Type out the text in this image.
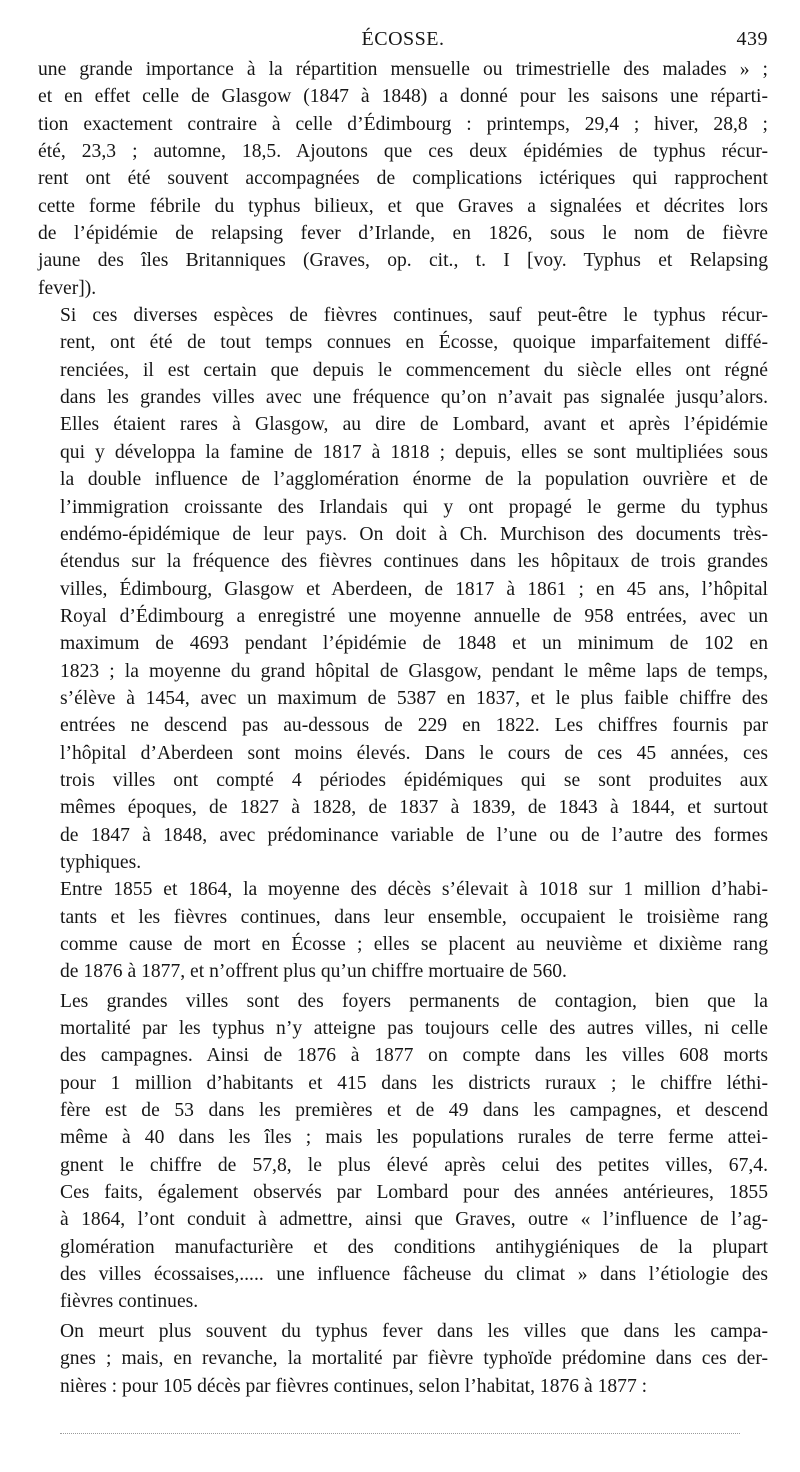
ÉCOSSE.	439
une grande importance à la répartition mensuelle ou trimestrielle des malades » ;
et en effet celle de Glasgow (1847 à 1848) a donné pour les saisons une réparti-
tion exactement contraire à celle d’Édimbourg : printemps, 29,4 ; hiver, 28,8 ;
été, 23,3 ; automne, 18,5. Ajoutons que ces deux épidémies de typhus récur-
rent ont été souvent accompagnées de complications ictériques qui rapprochent
cette forme fébrile du typhus bilieux, et que Graves a signalées et décrites lors
de l’épidémie de relapsing fever d’Irlande, en 1826, sous le nom de fièvre
jaune des îles Britanniques (Graves, op. cit., t. I [voy. Typhus et Relapsing
fever]).
Si ces diverses espèces de fièvres continues, sauf peut-être le typhus récur-
rent, ont été de tout temps connues en Écosse, quoique imparfaitement diffé-
renciées, il est certain que depuis le commencement du siècle elles ont régné
dans les grandes villes avec une fréquence qu’on n’avait pas signalée jusqu’alors.
Elles étaient rares à Glasgow, au dire de Lombard, avant et après l’épidémie
qui y développa la famine de 1817 à 1818 ; depuis, elles se sont multipliées sous
la double influence de l’agglomération énorme de la population ouvrière et de
l’immigration croissante des Irlandais qui y ont propagé le germe du typhus
endémo-épidémique de leur pays. On doit à Ch. Murchison des documents très-
étendus sur la fréquence des fièvres continues dans les hôpitaux de trois grandes
villes, Édimbourg, Glasgow et Aberdeen, de 1817 à 1861 ; en 45 ans, l’hôpital
Royal d’Édimbourg a enregistré une moyenne annuelle de 958 entrées, avec un
maximum de 4693 pendant l’épidémie de 1848 et un minimum de 102 en
1823 ; la moyenne du grand hôpital de Glasgow, pendant le même laps de temps,
s’élève à 1454, avec un maximum de 5387 en 1837, et le plus faible chiffre des
entrées ne descend pas au-dessous de 229 en 1822. Les chiffres fournis par
l’hôpital d’Aberdeen sont moins élevés. Dans le cours de ces 45 années, ces
trois villes ont compté 4 périodes épidémiques qui se sont produites aux
mêmes époques, de 1827 à 1828, de 1837 à 1839, de 1843 à 1844, et surtout
de 1847 à 1848, avec prédominance variable de l’une ou de l’autre des formes
typhiques.
Entre 1855 et 1864, la moyenne des décès s’élevait à 1018 sur 1 million d’habi-
tants et les fièvres continues, dans leur ensemble, occupaient le troisième rang
comme cause de mort en Écosse ; elles se placent au neuvième et dixième rang
de 1876 à 1877, et n’offrent plus qu’un chiffre mortuaire de 560.
Les grandes villes sont des foyers permanents de contagion, bien que la
mortalité par les typhus n’y atteigne pas toujours celle des autres villes, ni celle
des campagnes. Ainsi de 1876 à 1877 on compte dans les villes 608 morts
pour 1 million d’habitants et 415 dans les districts ruraux ; le chiffre léthi-
fère est de 53 dans les premières et de 49 dans les campagnes, et descend
même à 40 dans les îles ; mais les populations rurales de terre ferme attei-
gnent le chiffre de 57,8, le plus élevé après celui des petites villes, 67,4.
Ces faits, également observés par Lombard pour des années antérieures, 1855
à 1864, l’ont conduit à admettre, ainsi que Graves, outre « l’influence de l’ag-
glomération manufacturière et des conditions antihygiéniques de la plupart
des villes écossaises,..... une influence fâcheuse du climat » dans l’étiologie des
fièvres continues.
On meurt plus souvent du typhus fever dans les villes que dans les campa-
gnes ; mais, en revanche, la mortalité par fièvre typhoïde prédomine dans ces der-
nières : pour 105 décès par fièvres continues, selon l’habitat, 1876 à 1877 :
